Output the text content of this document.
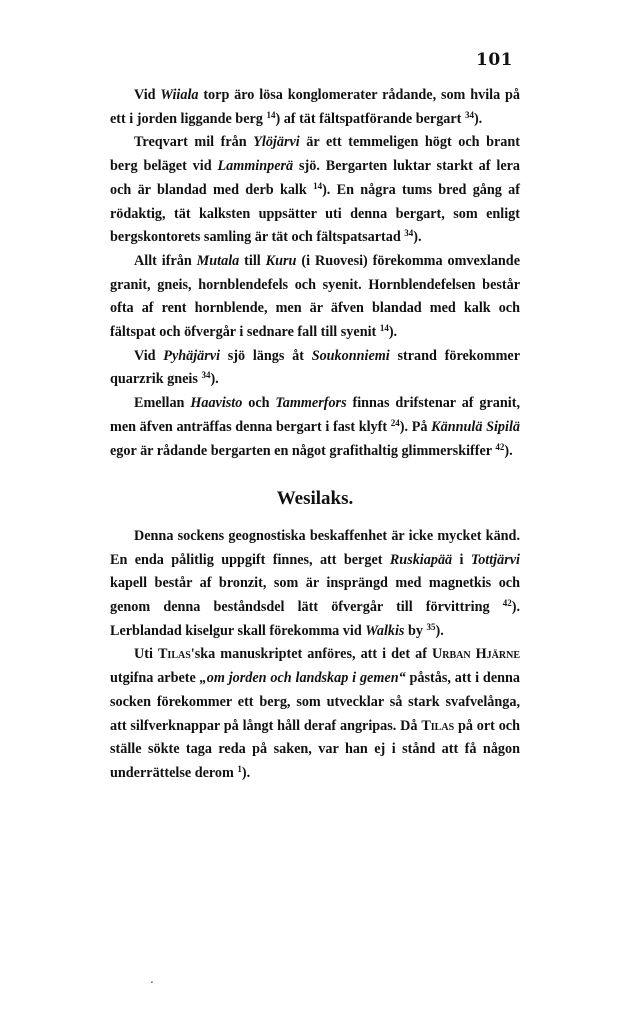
101

Vid Wiiala torp äro lösa konglomerater rådande, som hvila på ett i jorden liggande berg $^{14}$) af tät fältspatförande bergart $^{34}$).

Treqvart mil från Ylöjärvi är ett temmeligen högt och brant berg beläget vid Lamminperä sjö. Bergarten luktar starkt af lera och är blandad med derb kalk $^{14}$). En några tums bred gång af rödaktig, tät kalksten uppsätter uti denna bergart, som enligt bergskontorets samling är tät och fältspatsartad $^{34}$).

Allt ifrån Mutala till Kuru (i Ruovesi) förekomma omvexlande granit, gneis, hornblendefels och syenit. Hornblendefelsen består ofta af rent hornblende, men är äfven blandad med kalk och fältspat och öfvergår i sednare fall till syenit $^{14}$).

Vid Pyhäjärvi sjö längs åt Soukonniemi strand förekommer quarzrik gneis $^{34}$).

Emellan Haavisto och Tammerfors finnas drifstenar af granit, men äfven anträffas denna bergart i fast klyft $^{24}$). På Kännulä Sipilä egor är rådande bergarten en något grafithaltig glimmerskiffer $^{42}$).

Wesilaks.

Denna sockens geognostiska beskaffenhet är icke mycket känd. En enda pålitlig uppgift finnes, att berget Ruskiapää i Tottjärvi kapell består af bronzit, som är insprängd med magnetkis och genom denna beståndsdel lätt öfvergår till förvittring $^{42}$). Lerblandad kiselgur skall förekomma vid Walkis by $^{35}$).

Uti Tilas'ska manuskriptet anföres, att i det af Urban Hjärne utgifna arbete „om jorden och landskap i gemen“ påstås, att i denna socken förekommer ett berg, som utvecklar så stark svafvelånga, att silfverknappar på långt håll deraf angripas. Då Tilas på ort och ställe sökte taga reda på saken, var han ej i stånd att få någon underrättelse derom $^1$).

.
